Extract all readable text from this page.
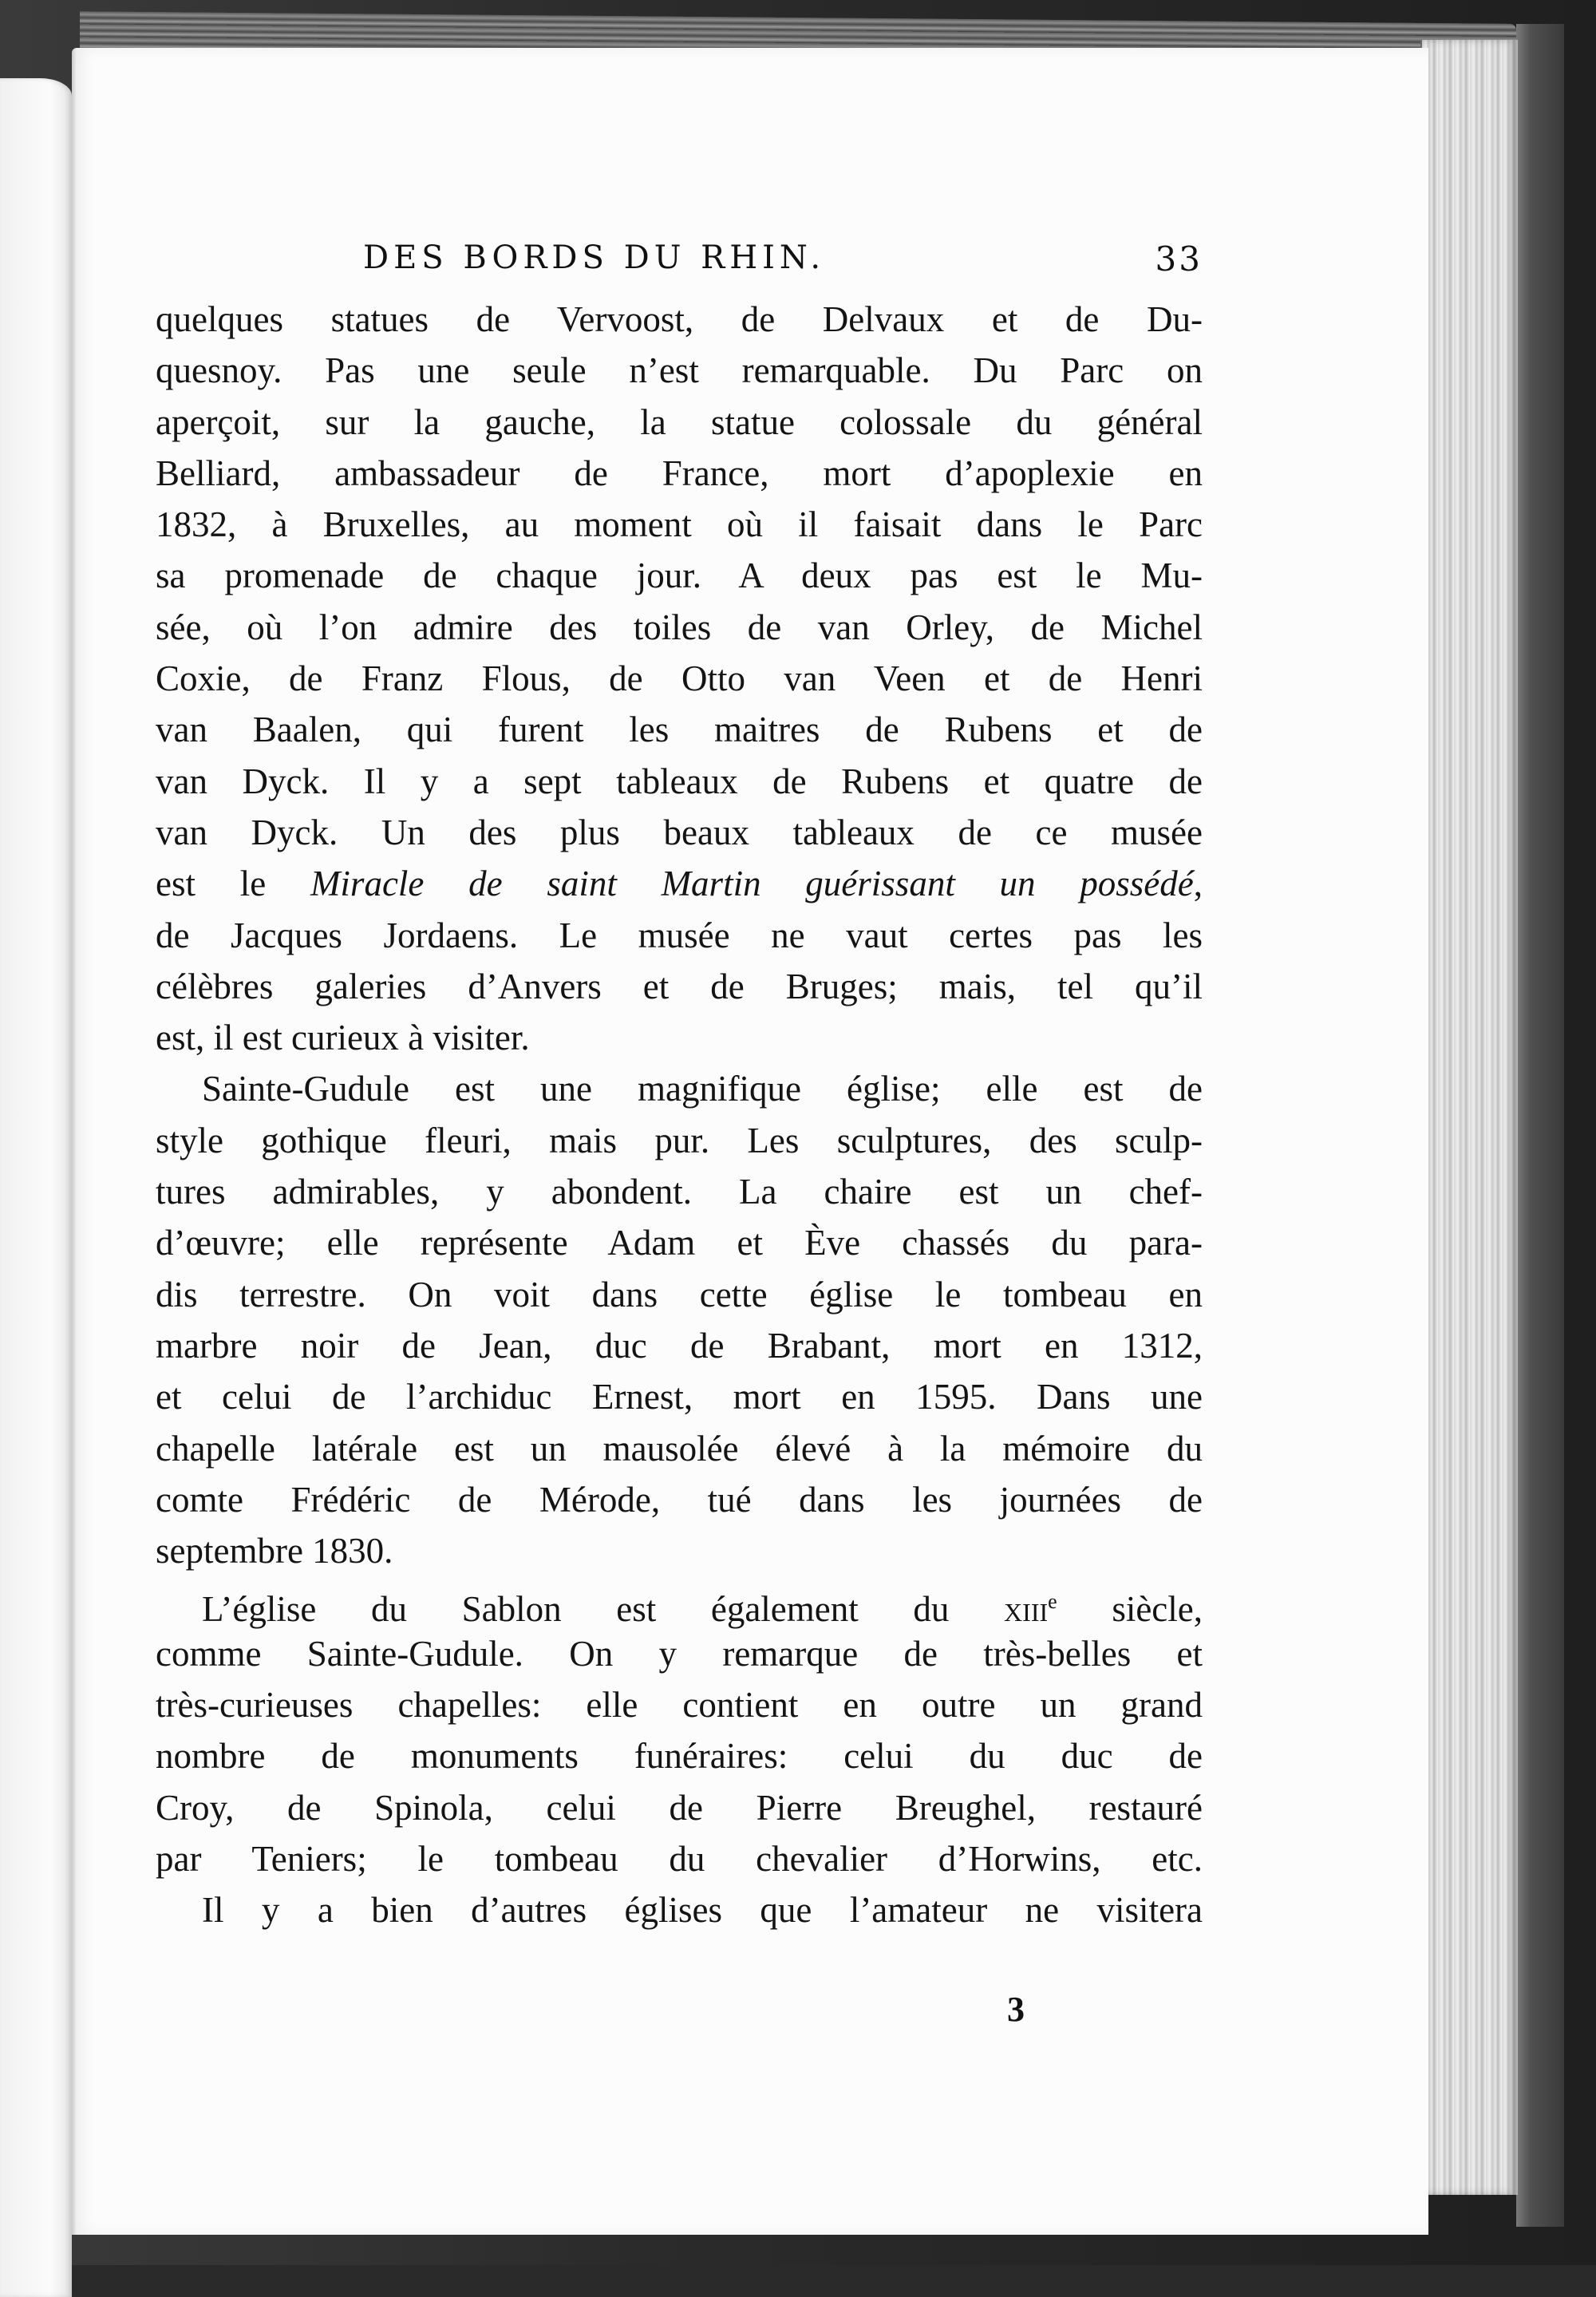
DES BORDS DU RHIN.	33
quelques statues de Vervoost, de Delvaux et de Du-
quesnoy. Pas une seule n’est remarquable. Du Parc on
aperçoit, sur la gauche, la statue colossale du général
Belliard, ambassadeur de France, mort d’apoplexie en
1832, à Bruxelles, au moment où il faisait dans le Parc
sa promenade de chaque jour. A deux pas est le Mu-
sée, où l’on admire des toiles de van Orley, de Michel
Coxie, de Franz Flous, de Otto van Veen et de Henri
van Baalen, qui furent les maitres de Rubens et de
van Dyck. Il y a sept tableaux de Rubens et quatre de
van Dyck. Un des plus beaux tableaux de ce musée
est le Miracle de saint Martin guérissant un possédé,
de Jacques Jordaens. Le musée ne vaut certes pas les
célèbres galeries d’Anvers et de Bruges; mais, tel qu’il
est, il est curieux à visiter.
Sainte-Gudule est une magnifique église; elle est de
style gothique fleuri, mais pur. Les sculptures, des sculp-
tures admirables, y abondent. La chaire est un chef-
d’œuvre; elle représente Adam et Ève chassés du para-
dis terrestre. On voit dans cette église le tombeau en
marbre noir de Jean, duc de Brabant, mort en 1312,
et celui de l’archiduc Ernest, mort en 1595. Dans une
chapelle latérale est un mausolée élevé à la mémoire du
comte Frédéric de Mérode, tué dans les journées de
septembre 1830.
L’église du Sablon est également du xiii$^e$ siècle,
comme Sainte-Gudule. On y remarque de très-belles et
très-curieuses chapelles: elle contient en outre un grand
nombre de monuments funéraires: celui du duc de
Croy, de Spinola, celui de Pierre Breughel, restauré
par Teniers; le tombeau du chevalier d’Horwins, etc.
Il y a bien d’autres églises que l’amateur ne visitera
3
